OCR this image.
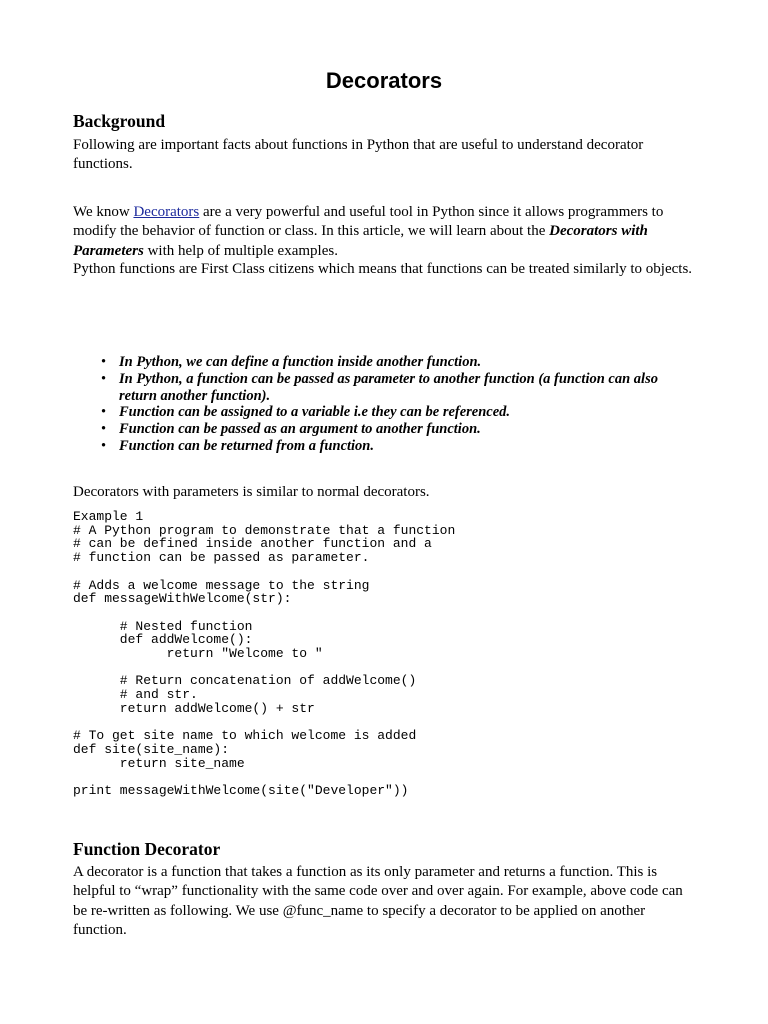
Decorators
Background

Following are important facts about functions in Python that are useful to understand decorator functions.

We know Decorators are a very powerful and useful tool in Python since it allows programmers to modify the behavior of function or class. In this article, we will learn about the Decorators with Parameters with help of multiple examples.

Python functions are First Class citizens which means that functions can be treated similarly to objects.

• In Python, we can define a function inside another function.
• In Python, a function can be passed as parameter to another function (a function can also return another function).
• Function can be assigned to a variable i.e they can be referenced.
• Function can be passed as an argument to another function.
• Function can be returned from a function.

Decorators with parameters is similar to normal decorators.

Example 1
# A Python program to demonstrate that a function
# can be defined inside another function and a
# function can be passed as parameter.

# Adds a welcome message to the string
def messageWithWelcome(str):

# Nested function
def addWelcome():
return "Welcome to "

# Return concatenation of addWelcome()
# and str.
return addWelcome() + str

# To get site name to which welcome is added
def site(site_name):
return site_name

print messageWithWelcome(site("Developer"))
Function Decorator

A decorator is a function that takes a function as its only parameter and returns a function. This is helpful to “wrap” functionality with the same code over and over again. For example, above code can be re-written as following. We use @func_name to specify a decorator to be applied on another function.
